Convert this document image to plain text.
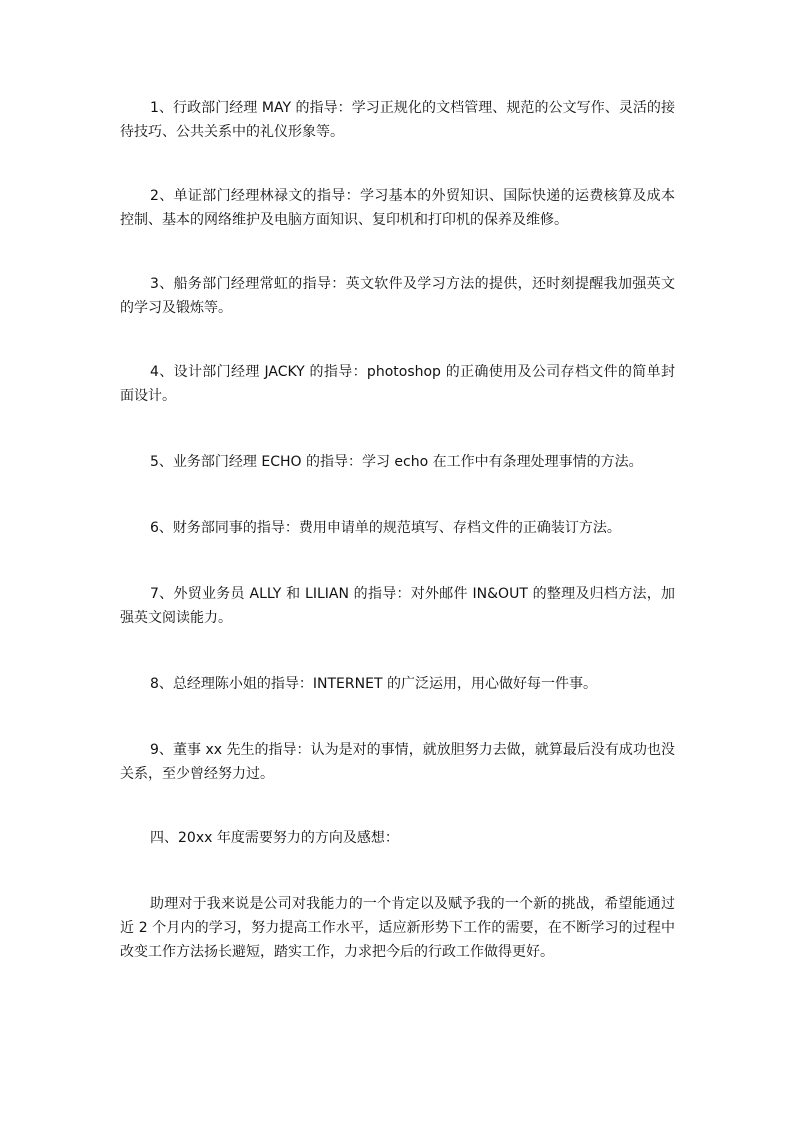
1、行政部门经理 MAY 的指导：学习正规化的文档管理、规范的公文写作、灵活的接待技巧、公共关系中的礼仪形象等。

2、单证部门经理林禄文的指导：学习基本的外贸知识、国际快递的运费核算及成本控制、基本的网络维护及电脑方面知识、复印机和打印机的保养及维修。

3、船务部门经理常虹的指导：英文软件及学习方法的提供，还时刻提醒我加强英文的学习及锻炼等。

4、设计部门经理 JACKY 的指导：photoshop 的正确使用及公司存档文件的简单封面设计。

5、业务部门经理 ECHO 的指导：学习 echo 在工作中有条理处理事情的方法。

6、财务部同事的指导：费用申请单的规范填写、存档文件的正确装订方法。

7、外贸业务员 ALLY 和 LILIAN 的指导：对外邮件 IN&OUT 的整理及归档方法，加强英文阅读能力。

8、总经理陈小姐的指导：INTERNET 的广泛运用，用心做好每一件事。

9、董事 xx 先生的指导：认为是对的事情，就放胆努力去做，就算最后没有成功也没关系，至少曾经努力过。

四、20xx 年度需要努力的方向及感想：

助理对于我来说是公司对我能力的一个肯定以及赋予我的一个新的挑战，希望能通过近 2 个月内的学习，努力提高工作水平，适应新形势下工作的需要，在不断学习的过程中改变工作方法扬长避短，踏实工作，力求把今后的行政工作做得更好。
